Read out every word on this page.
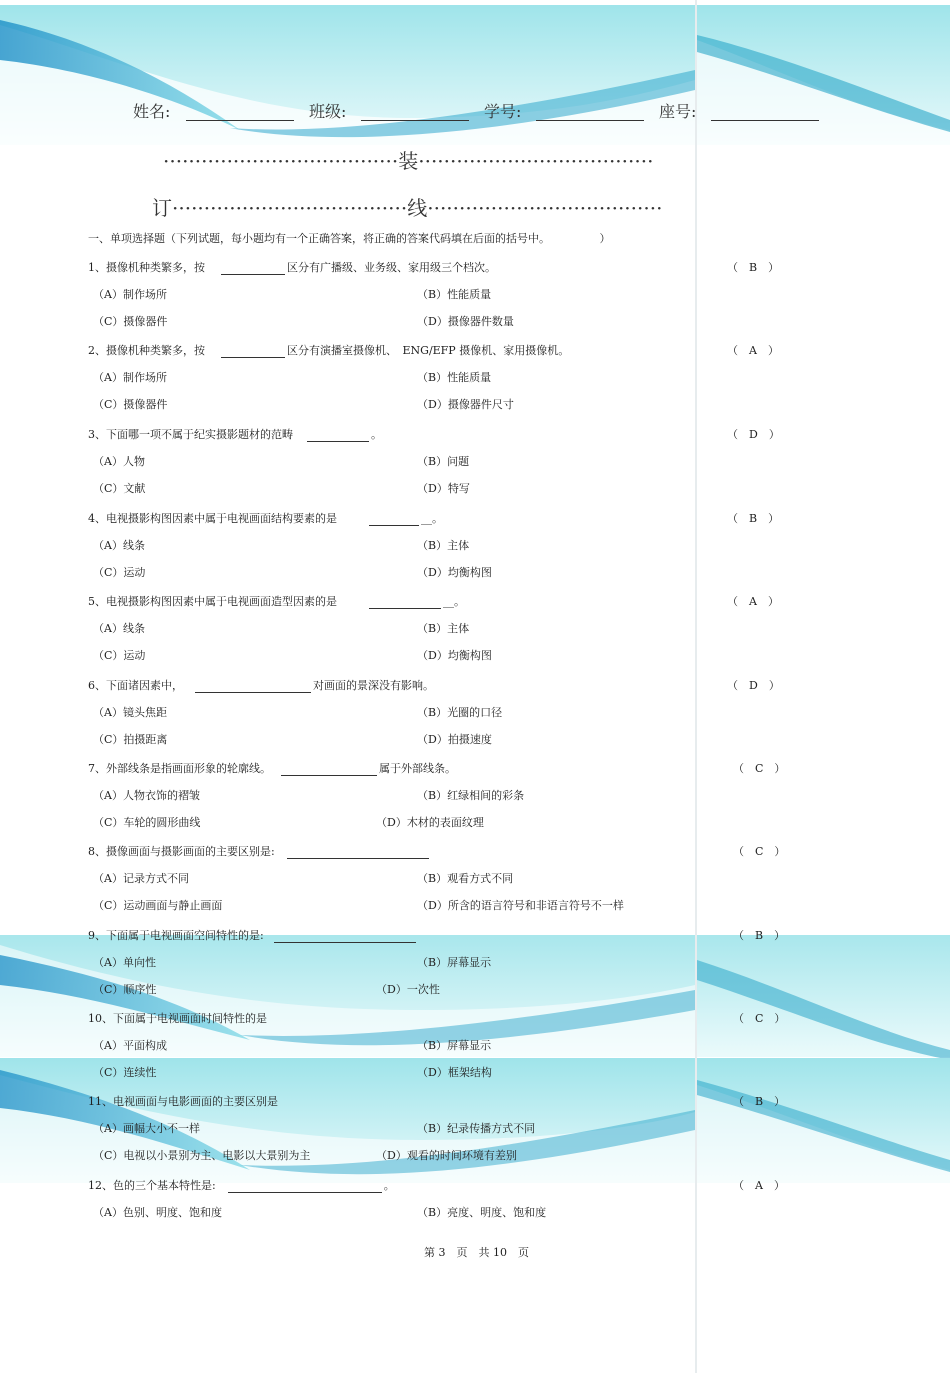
姓名:	班级:	学号:	座号:
·····································装·····································
订·····································线·····································
一、单项选择题（下列试题，每小题均有一个正确答案，将正确的答案代码填在后面的括号中。　　　　　）
1、摄像机种类繁多，按	区分有广播级、业务级、家用级三个档次。	（　B　）
（A）制作场所	（B）性能质量
（C）摄像器件	（D）摄像器件数量
2、摄像机种类繁多，按	区分有演播室摄像机、　ENG/EFP 摄像机、家用摄像机。	（　A　）
（A）制作场所	（B）性能质量
（C）摄像器件	（D）摄像器件尺寸
3、下面哪一项不属于纪实摄影题材的范畴	。	（　D　）
（A）人物	（B）问题
（C）文献	（D）特写
4、电视摄影构图因素中属于电视画面结构要素的是	__。	（　B　）
（A）线条	（B）主体
（C）运动	（D）均衡构图
5、电视摄影构图因素中属于电视画面造型因素的是	__。	（　A　）
（A）线条	（B）主体
（C）运动	（D）均衡构图
6、下面诸因素中，	对画面的景深没有影响。	（　D　）
（A）镜头焦距	（B）光圈的口径
（C）拍摄距离	（D）拍摄速度
7、外部线条是指画面形象的轮廓线。	属于外部线条。	（　C　）
（A）人物衣饰的褶皱	（B）红绿相间的彩条
（C）车轮的圆形曲线	（D）木材的表面纹理
8、摄像画面与摄影画面的主要区别是:	（　C　）
（A）记录方式不同	（B）观看方式不同
（C）运动画面与静止画面	（D）所含的语言符号和非语言符号不一样
9、下面属于电视画面空间特性的是:	（　B　）
（A）单向性	（B）屏幕显示
（C）顺序性	（D）一次性
10、下面属于电视画面时间特性的是	（　C　）
（A）平面构成	（B）屏幕显示
（C）连续性	（D）框架结构
11、电视画面与电影画面的主要区别是	（　B　）
（A）画幅大小不一样	（B）纪录传播方式不同
（C）电视以小景别为主、电影以大景别为主	（D）观看的时间环境有差别
12、色的三个基本特性是:	。	（　A　）
（A）色别、明度、饱和度	（B）亮度、明度、饱和度
第 3　页　共 10　页
